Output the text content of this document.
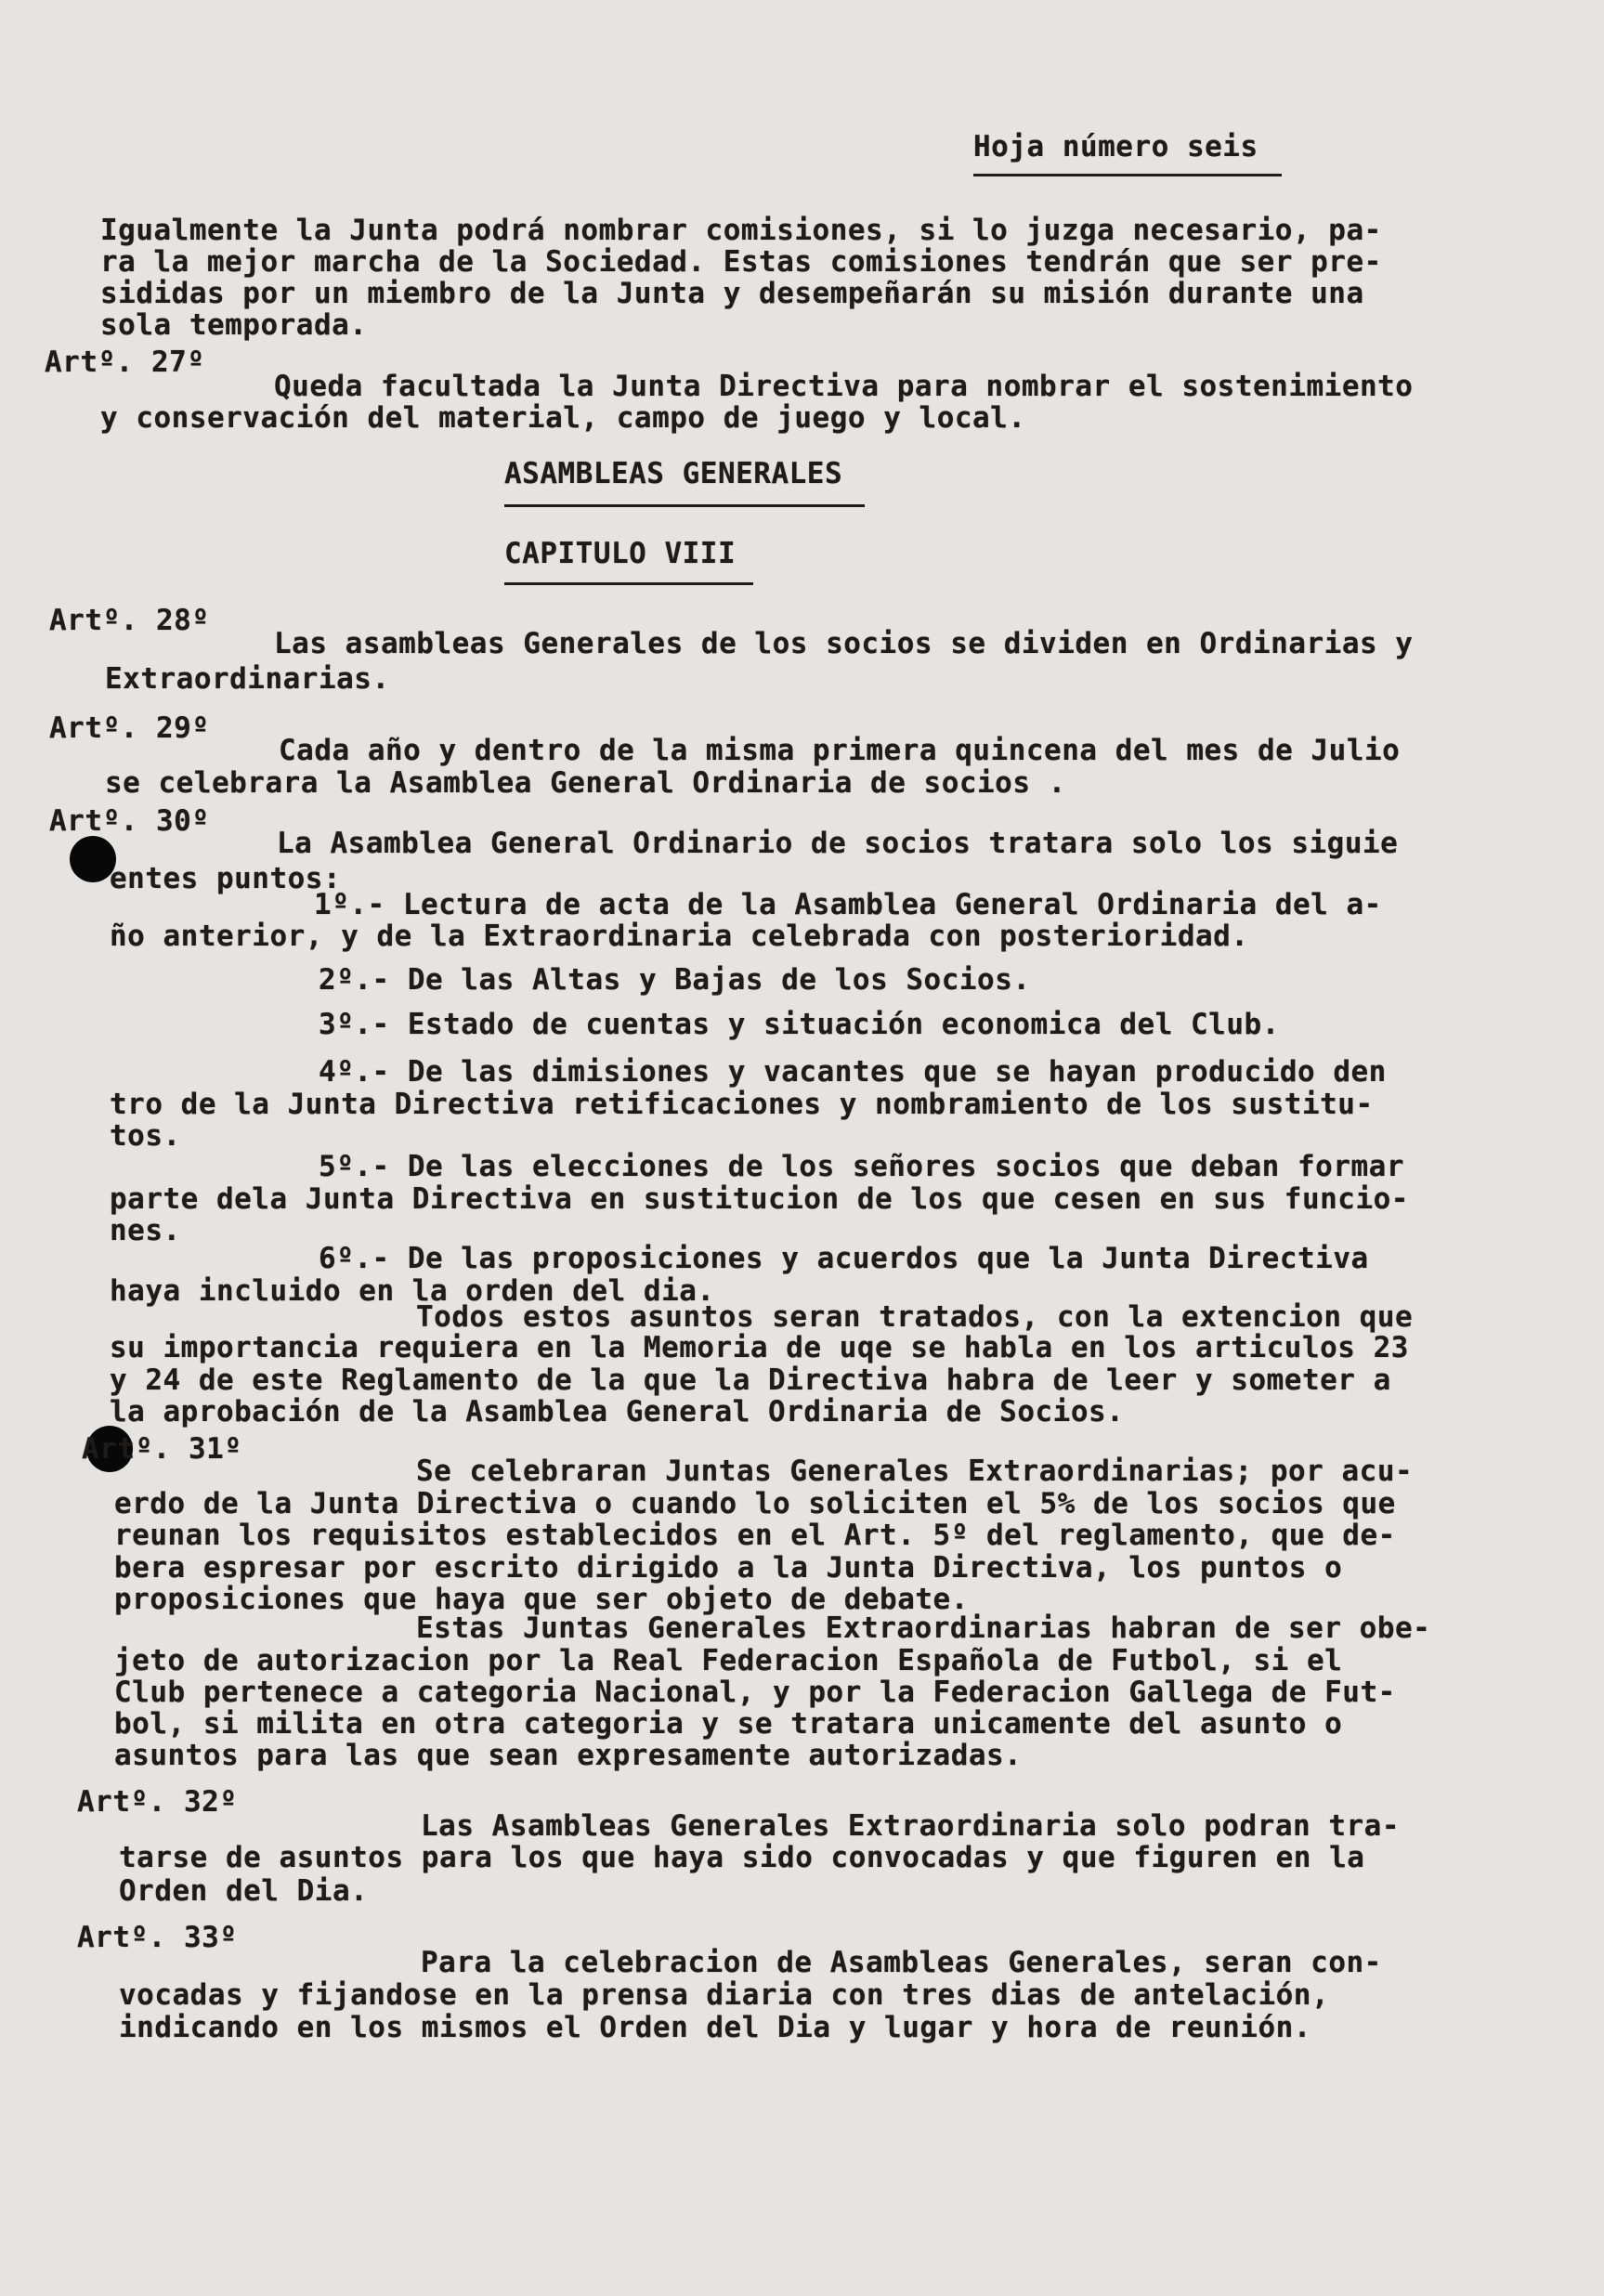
Hoja número seis
Igualmente la Junta podrá nombrar comisiones, si lo juzga necesario, pa-
ra la mejor marcha de la Sociedad. Estas comisiones tendrán que ser pre-
sididas por un miembro de la Junta y desempeñarán su misión durante una
sola temporada.
Artº. 27º
Queda facultada la Junta Directiva para nombrar el sostenimiento
y conservación del material, campo de juego y local.
ASAMBLEAS GENERALES
CAPITULO VIII
Artº. 28º
Las asambleas Generales de los socios se dividen en Ordinarias y
Extraordinarias.
Artº. 29º
Cada año y dentro de la misma primera quincena del mes de Julio
se celebrara la Asamblea General Ordinaria de socios .
Artº. 30º
La Asamblea General Ordinario de socios tratara solo los siguie
entes puntos:
1º.- Lectura de acta de la Asamblea General Ordinaria del a-
ño anterior, y de la Extraordinaria celebrada con posterioridad.
2º.- De las Altas y Bajas de los Socios.
3º.- Estado de cuentas y situación economica del Club.
4º.- De las dimisiones y vacantes que se hayan producido den
tro de la Junta Directiva retificaciones y nombramiento de los sustitu-
tos.
5º.- De las elecciones de los señores socios que deban formar
parte dela Junta Directiva en sustitucion de los que cesen en sus funcio-
nes.
6º.- De las proposiciones y acuerdos que la Junta Directiva
haya incluido en la orden del dia.
Todos estos asuntos seran tratados, con la extencion que
su importancia requiera en la Memoria de uqe se habla en los articulos 23
y 24 de este Reglamento de la que la Directiva habra de leer y someter a
la aprobación de la Asamblea General Ordinaria de Socios.
Artº. 31º
Se celebraran Juntas Generales Extraordinarias; por acu-
erdo de la Junta Directiva o cuando lo soliciten el 5% de los socios que
reunan los requisitos establecidos en el Art. 5º del reglamento, que de-
bera espresar por escrito dirigido a la Junta Directiva, los puntos o
proposiciones que haya que ser objeto de debate.
Estas Juntas Generales Extraordinarias habran de ser obe-
jeto de autorizacion por la Real Federacion Española de Futbol, si el
Club pertenece a categoria Nacional, y por la Federacion Gallega de Fut-
bol, si milita en otra categoria y se tratara unicamente del asunto o
asuntos para las que sean expresamente autorizadas.
Artº. 32º
Las Asambleas Generales Extraordinaria solo podran tra-
tarse de asuntos para los que haya sido convocadas y que figuren en la
Orden del Dia.
Artº. 33º
Para la celebracion de Asambleas Generales, seran con-
vocadas y fijandose en la prensa diaria con tres dias de antelación,
indicando en los mismos el Orden del Dia y lugar y hora de reunión.
